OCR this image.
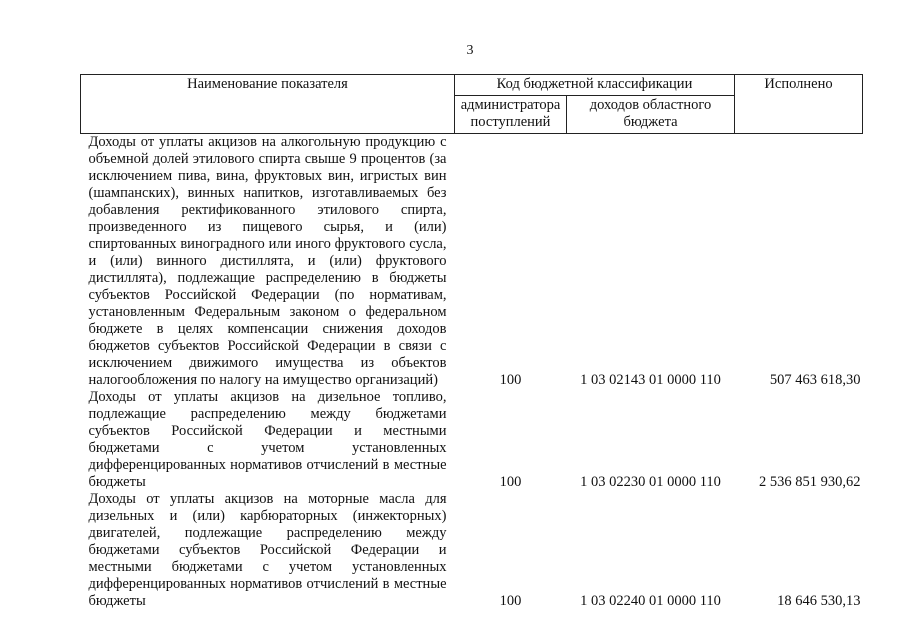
3
Наименование показателя	Код бюджетной классификации		Исполнено
	администратора поступлений	доходов областного бюджета	
Доходы от уплаты акцизов на алкогольную продукцию с объемной долей этилового спирта свыше 9 процентов (за исключением пива, вина, фруктовых вин, игристых вин (шампанских), винных напитков, изготавливаемых без добавления ректификованного этилового спирта, произведенного из пищевого сырья, и (или) спиртованных виноградного или иного фруктового сусла, и (или) винного дистиллята, и (или) фруктового дистиллята), подлежащие распределению в бюджеты субъектов Российской Федерации (по нормативам, установленным Федеральным законом о федеральном бюджете в целях компенсации снижения доходов бюджетов субъектов Российской Федерации в связи с исключением движимого имущества из объектов налогообложения по налогу на имущество организаций)	100	1 03 02143 01 0000 110	507 463 618,30
Доходы от уплаты акцизов на дизельное топливо, подлежащие распределению между бюджетами субъектов Российской Федерации и местными бюджетами с учетом установленных дифференцированных нормативов отчислений в местные бюджеты	100	1 03 02230 01 0000 110	2 536 851 930,62
Доходы от уплаты акцизов на моторные масла для дизельных и (или) карбюраторных (инжекторных) двигателей, подлежащие распределению между бюджетами субъектов Российской Федерации и местными бюджетами с учетом установленных дифференцированных нормативов отчислений в местные бюджеты	100	1 03 02240 01 0000 110	18 646 530,13
